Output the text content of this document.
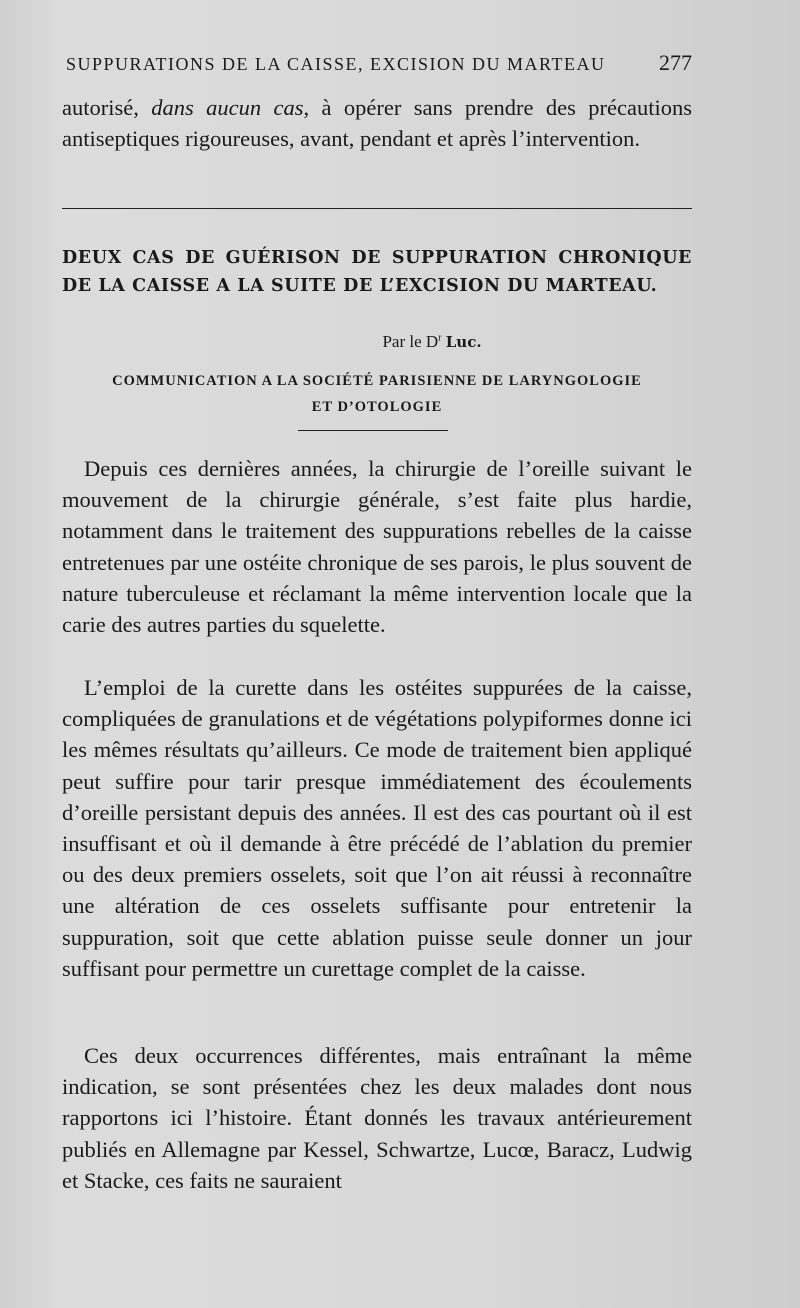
SUPPURATIONS DE LA CAISSE, EXCISION DU MARTEAU 277

autorisé, dans aucun cas, à opérer sans prendre des précautions antiseptiques rigoureuses, avant, pendant et après l’intervention.

DEUX CAS DE GUÉRISON DE SUPPURATION CHRONIQUE DE LA CAISSE A LA SUITE DE L’EXCISION DU MARTEAU.

Par le $D^r$ Luc.
COMMUNICATION A LA SOCIÉTÉ PARISIENNE DE LARYNGOLOGIE
ET D’OTOLOGIE

Depuis ces dernières années, la chirurgie de l’oreille suivant le mouvement de la chirurgie générale, s’est faite plus hardie, notamment dans le traitement des suppurations rebelles de la caisse entretenues par une ostéite chronique de ses parois, le plus souvent de nature tuberculeuse et réclamant la même intervention locale que la carie des autres parties du squelette.

L’emploi de la curette dans les ostéites suppurées de la caisse, compliquées de granulations et de végétations polypiformes donne ici les mêmes résultats qu’ailleurs. Ce mode de traitement bien appliqué peut suffire pour tarir presque immédiatement des écoulements d’oreille persistant depuis des années. Il est des cas pourtant où il est insuffisant et où il demande à être précédé de l’ablation du premier ou des deux premiers osselets, soit que l’on ait réussi à reconnaître une altération de ces osselets suffisante pour entretenir la suppuration, soit que cette ablation puisse seule donner un jour suffisant pour permettre un curettage complet de la caisse.

Ces deux occurrences différentes, mais entraînant la même indication, se sont présentées chez les deux malades dont nous rapportons ici l’histoire. Étant donnés les travaux antérieurement publiés en Allemagne par Kessel, Schwartze, Lucœ, Baracz, Ludwig et Stacke, ces faits ne sauraient
